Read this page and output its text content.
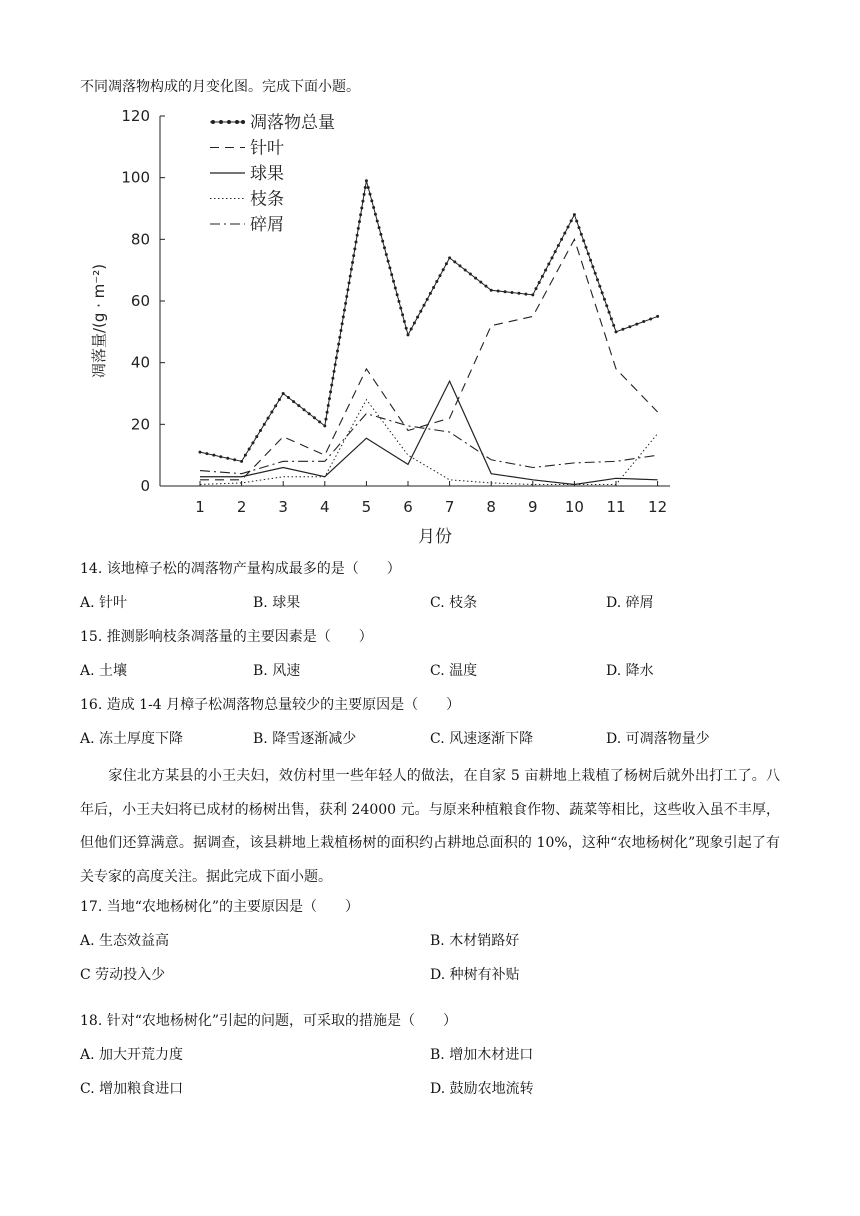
不同凋落物构成的月变化图。完成下面小题。
0
20
40
60
80
100
120
1 2 3 4 5 6 7 8 9 10 11 12
月份
凋落量/(g · m⁻²)
凋落物总量
针叶
球果
枝条
碎屑
14. 该地樟子松的凋落物产量构成最多的是（　　）
A. 针叶	B. 球果	C. 枝条	D. 碎屑
15. 推测影响枝条凋落量的主要因素是（　　）
A. 土壤	B. 风速	C. 温度	D. 降水
16. 造成 1-4 月樟子松凋落物总量较少的主要原因是（　　）
A. 冻土厚度下降	B. 降雪逐渐减少	C. 风速逐渐下降	D. 可凋落物量少
　　家住北方某县的小王夫妇，效仿村里一些年轻人的做法，在自家 5 亩耕地上栽植了杨树后就外出打工了。八年后，小王夫妇将已成材的杨树出售，获利 24000 元。与原来种植粮食作物、蔬菜等相比，这些收入虽不丰厚，但他们还算满意。据调查，该县耕地上栽植杨树的面积约占耕地总面积的 10%，这种“农地杨树化”现象引起了有关专家的高度关注。据此完成下面小题。
17. 当地“农地杨树化”的主要原因是（　　）
A. 生态效益高	B. 木材销路好
C 劳动投入少	D. 种树有补贴
18. 针对“农地杨树化”引起的问题，可采取的措施是（　　）
A. 加大开荒力度	B. 增加木材进口
C. 增加粮食进口	D. 鼓励农地流转
